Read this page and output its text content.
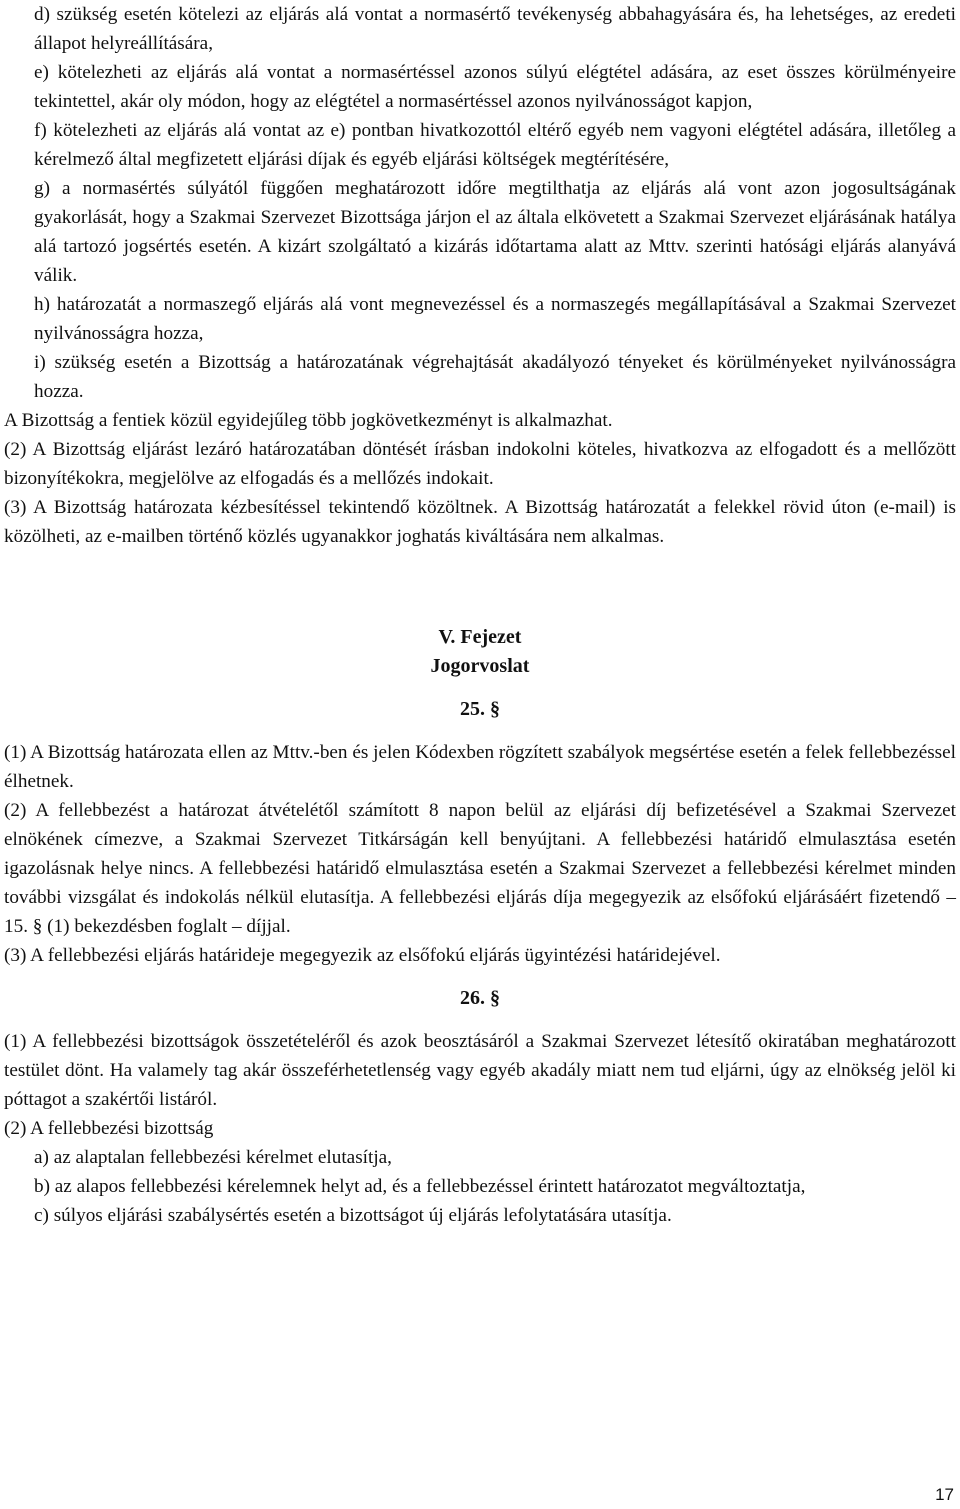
d) szükség esetén kötelezi az eljárás alá vontat a normasértő tevékenység abbahagyására és, ha lehetséges, az eredeti állapot helyreállítására,

e) kötelezheti az eljárás alá vontat a normasértéssel azonos súlyú elégtétel adására, az eset összes körülményeire tekintettel, akár oly módon, hogy az elégtétel a normasértéssel azonos nyilvánosságot kapjon,

f) kötelezheti az eljárás alá vontat az e) pontban hivatkozottól eltérő egyéb nem vagyoni elégtétel adására, illetőleg a kérelmező által megfizetett eljárási díjak és egyéb eljárási költségek megtérítésére,

g) a normasértés súlyától függően meghatározott időre megtilthatja az eljárás alá vont azon jogosultságának gyakorlását, hogy a Szakmai Szervezet Bizottsága járjon el az általa elkövetett a Szakmai Szervezet eljárásának hatálya alá tartozó jogsértés esetén. A kizárt szolgáltató a kizárás időtartama alatt az Mttv. szerinti hatósági eljárás alanyává válik.

h) határozatát a normaszegő eljárás alá vont megnevezéssel és a normaszegés megállapításával a Szakmai Szervezet nyilvánosságra hozza,

i) szükség esetén a Bizottság a határozatának végrehajtását akadályozó tényeket és körülményeket nyilvánosságra hozza.

A Bizottság a fentiek közül egyidejűleg több jogkövetkezményt is alkalmazhat.

(2) A Bizottság eljárást lezáró határozatában döntését írásban indokolni köteles, hivatkozva az elfogadott és a mellőzött bizonyítékokra, megjelölve az elfogadás és a mellőzés indokait.

(3) A Bizottság határozata kézbesítéssel tekintendő közöltnek. A Bizottság határozatát a felekkel rövid úton (e-mail) is közölheti, az e-mailben történő közlés ugyanakkor joghatás kiváltására nem alkalmas.

V. Fejezet

Jogorvoslat

25. §

(1) A Bizottság határozata ellen az Mttv.-ben és jelen Kódexben rögzített szabályok megsértése esetén a felek fellebbezéssel élhetnek.

(2) A fellebbezést a határozat átvételétől számított 8 napon belül az eljárási díj befizetésével a Szakmai Szervezet elnökének címezve, a Szakmai Szervezet Titkárságán kell benyújtani. A fellebbezési határidő elmulasztása esetén igazolásnak helye nincs. A fellebbezési határidő elmulasztása esetén a Szakmai Szervezet a fellebbezési kérelmet minden további vizsgálat és indokolás nélkül elutasítja. A fellebbezési eljárás díja megegyezik az elsőfokú eljárásáért fizetendő – 15. § (1) bekezdésben foglalt – díjjal.

(3) A fellebbezési eljárás határideje megegyezik az elsőfokú eljárás ügyintézési határidejével.

26. §

(1) A fellebbezési bizottságok összetételéről és azok beosztásáról a Szakmai Szervezet létesítő okiratában meghatározott testület dönt. Ha valamely tag akár összeférhetetlenség vagy egyéb akadály miatt nem tud eljárni, úgy az elnökség jelöl ki póttagot a szakértői listáról.

(2) A fellebbezési bizottság

a) az alaptalan fellebbezési kérelmet elutasítja,

b) az alapos fellebbezési kérelemnek helyt ad, és a fellebbezéssel érintett határozatot megváltoztatja,

c) súlyos eljárási szabálysértés esetén a bizottságot új eljárás lefolytatására utasítja.

17
